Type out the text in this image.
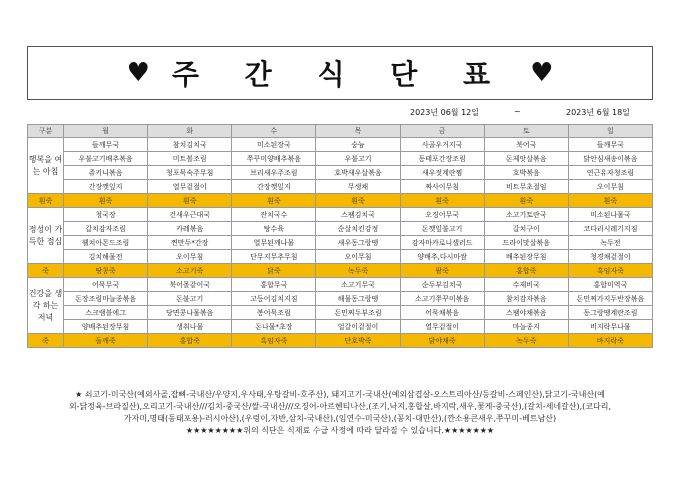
♥ 주 간 식 단 표 ♥
2023년 06월 12일	~	2023년 6월 18일
구분	월	화	수	목	금	토	일
행복을 여는 아침	들깨무국	참치김치국	미소된장국	숭늉	사골우거지국	북어국	들깨무국
	우불고기배추볶음	미트볼조림	쭈꾸미양배추볶음	우불고기	동태포간장조림	돈제앗살볶음	닭안심새송이볶음
	쥬키니볶음	청포묵숙주무침	브리새우주조림	호박새우살볶음	새우젓계란찜	호박볶음	연근유자청조림
	간장깻잎지	열무겉절이	간장깻잎지	무생채	짜사이무침	비트무초절임	오이무침
흰죽	흰죽	흰죽	흰죽	흰죽	흰죽	흰죽	흰죽
정성이 가득한 점심	청국장	건새우근대국	잔치국수	스팸김치국	오징어무국	소고기토란국	미소된나물국
	갈치감자조림	카레볶음	탕수육	순살치킨강정	돈깻잎불고기	갈치구이	코다리시레기지짐
	웰치아몬드조림	찐만두*간장	열무된깨나물	새우동그랑땡	감자마카로니샐러드	드라이맛살볶음	녹두전
	김치해물전	오이무침	단무지무추무침	오이무침	양배추,다시마쌈	배추된장무침	청경채겉절이
죽	땅콩죽	소고기죽	닭죽	녹두죽	팥죽	홍합죽	흑임자죽
건강을 생각 하는 저녁	어묵무국	북어몰같이국	홍합무국	소고기무국	순두부김치국	수제비국	홍합미역국
	돈장조림마늘종볶음	돈불고기	고등어김치지짐	해물동그랑땡	소고기쭈꾸미볶음	참치감자볶음	돈민찌가지두반장볶음
	스크램블에그	당면콩나물볶음	봉어묵조림	돈민찌두부조림	어묵채볶음	스팸야채볶음	동그랑땡계란조림
	양배추된장무침	생취나물	돈나물*초장	얼갈이겉절이	열무겉절이	마늘종지	비지락무나물
죽	들깨죽	홍합죽	흑임자죽	단호박죽	닭야채죽	녹두죽	바지락죽

★ 쇠고기-미국산(예외사골,잡뼈-국내산/우양지,우사태,우탕갈비-호주산), 돼지고기-국내산(예외삼겹살-오스트리아산/등갈비-스페인산),닭고기-국내산(예

외-닭정육-브라질산),오리고기-국내산///김치-중국산/쌀-국내산///오징어-아르헨티나산,(조기,낙지,홍합살,바지락,새우,꽃게-중국산),(갈치-세네갈산),(코다리,

가자미,명태(동태포용)-러시아산),(우렁이,자반,삼치-국내산),(임연수-미국산),(꽁치-대만산),(깐소용큰새우,쭈꾸미-베트남산)

★★★★★★★★위의 식단은 식재료 수급 사정에 따라 달라질 수 있습니다.★★★★★★★
